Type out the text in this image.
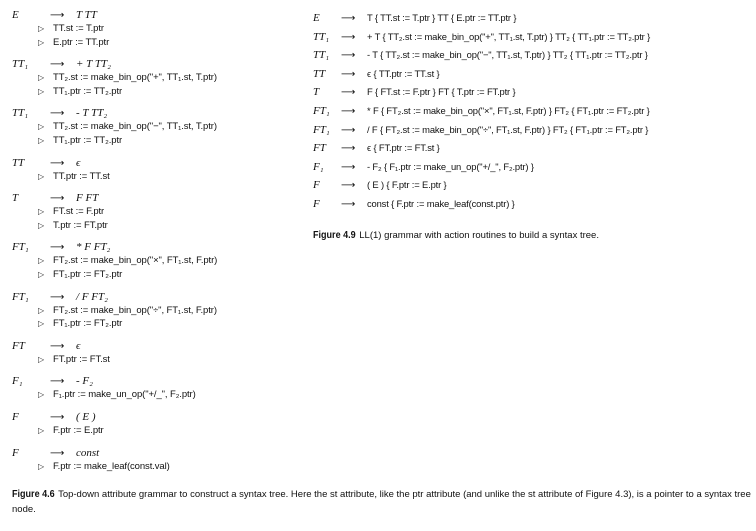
E	⟶	T TT
▷ TT.st := T.ptr
▷ E.ptr := TT.ptr
TT₁	⟶	+ T TT₂
▷ TT₂.st := make_bin_op("+", TT₁.st, T.ptr)
▷ TT₁.ptr := TT₂.ptr
TT₁	⟶	- T TT₂
▷ TT₂.st := make_bin_op("−", TT₁.st, T.ptr)
▷ TT₁.ptr := TT₂.ptr
TT	⟶	ϵ
▷ TT.ptr := TT.st
T	⟶	F FT
▷ FT.st := F.ptr
▷ T.ptr := FT.ptr
FT₁	⟶	* F FT₂
▷ FT₂.st := make_bin_op("×", FT₁.st, F.ptr)
▷ FT₁.ptr := FT₂.ptr
FT₁	⟶	/ F FT₂
▷ FT₂.st := make_bin_op("÷", FT₁.st, F.ptr)
▷ FT₁.ptr := FT₂.ptr
FT	⟶	ϵ
▷ FT.ptr := FT.st
F₁	⟶	- F₂
▷ F₁.ptr := make_un_op("+/_", F₂.ptr)
F	⟶	( E )
▷ F.ptr := E.ptr
F	⟶	const
▷ F.ptr := make_leaf(const.val)
E	⟶	T { TT.st := T.ptr } TT { E.ptr := TT.ptr }
TT₁	⟶	+ T { TT₂.st := make_bin_op("+", TT₁.st, T.ptr) } TT₂ { TT₁.ptr := TT₂.ptr }
TT₁	⟶	- T { TT₂.st := make_bin_op("−", TT₁.st, T.ptr) } TT₂ { TT₁.ptr := TT₂.ptr }
TT	⟶	ϵ { TT.ptr := TT.st }
T	⟶	F { FT.st := F.ptr } FT { T.ptr := FT.ptr }
FT₁	⟶	* F { FT₂.st := make_bin_op("×", FT₁.st, F.ptr) } FT₂ { FT₁.ptr := FT₂.ptr }
FT₁	⟶	/ F { FT₂.st := make_bin_op("÷", FT₁.st, F.ptr) } FT₂ { FT₁.ptr := FT₂.ptr }
FT	⟶	ϵ { FT.ptr := FT.st }
F₁	⟶	- F₂ { F₁.ptr := make_un_op("+/_", F₂.ptr) }
F	⟶	( E ) { F.ptr := E.ptr }
F	⟶	const { F.ptr := make_leaf(const.ptr) }
Figure 4.9 LL(1) grammar with action routines to build a syntax tree.
Figure 4.6 Top-down attribute grammar to construct a syntax tree. Here the st attribute, like the ptr attribute (and unlike the st attribute of Figure 4.3), is a pointer to a syntax tree node.
